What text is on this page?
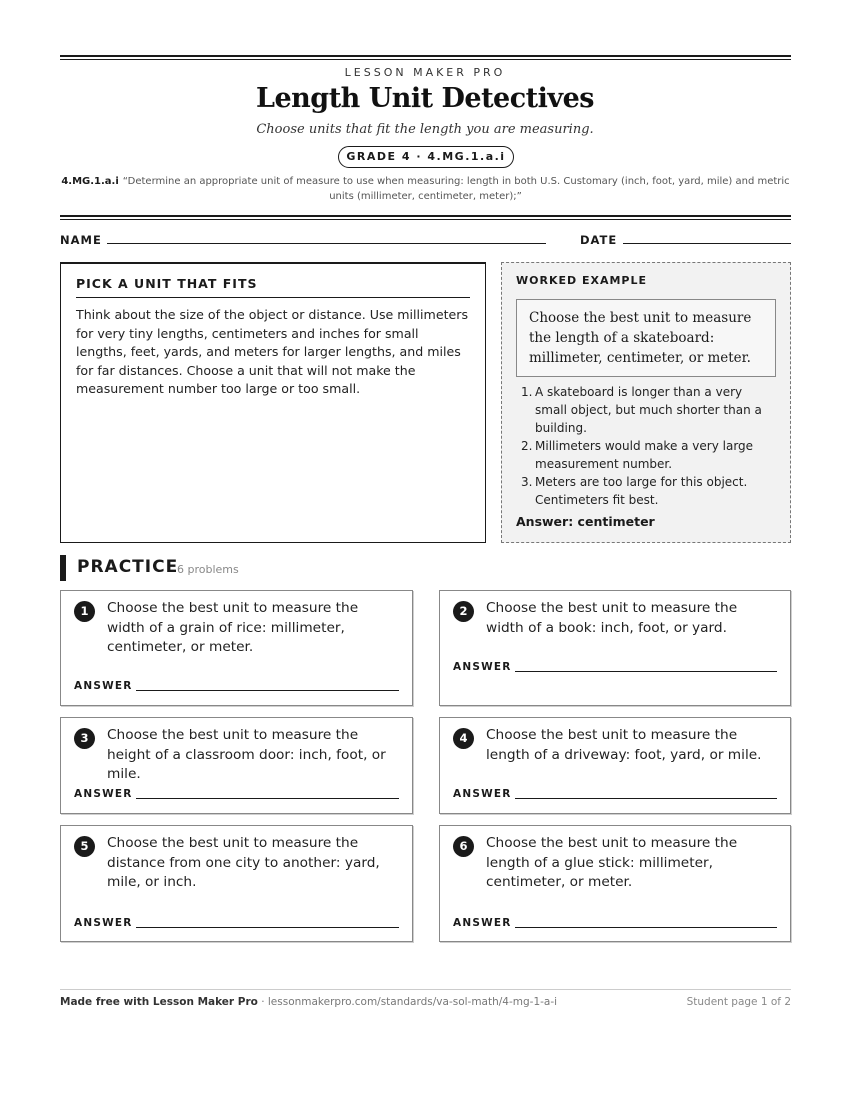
LESSON MAKER PRO
Length Unit Detectives
Choose units that fit the length you are measuring.
GRADE 4 · 4.MG.1.a.i
4.MG.1.a.i “Determine an appropriate unit of measure to use when measuring: length in both U.S. Customary (inch, foot, yard, mile) and metric units (millimeter, centimeter, meter);”
NAME	DATE
PICK A UNIT THAT FITS
Think about the size of the object or distance. Use millimeters for very tiny lengths, centimeters and inches for small lengths, feet, yards, and meters for larger lengths, and miles for far distances. Choose a unit that will not make the measurement number too large or too small.
WORKED EXAMPLE
Choose the best unit to measure the length of a skateboard: millimeter, centimeter, or meter.
1. A skateboard is longer than a very small object, but much shorter than a building.
2. Millimeters would make a very large measurement number.
3. Meters are too large for this object. Centimeters fit best.
Answer: centimeter
PRACTICE
6 problems
1	Choose the best unit to measure the width of a grain of rice: millimeter, centimeter, or meter.
ANSWER
2	Choose the best unit to measure the width of a book: inch, foot, or yard.
ANSWER
3	Choose the best unit to measure the height of a classroom door: inch, foot, or mile.
ANSWER
4	Choose the best unit to measure the length of a driveway: foot, yard, or mile.
ANSWER
5	Choose the best unit to measure the distance from one city to another: yard, mile, or inch.
ANSWER
6	Choose the best unit to measure the length of a glue stick: millimeter, centimeter, or meter.
ANSWER
Made free with Lesson Maker Pro · lessonmakerpro.com/standards/va-sol-math/4-mg-1-a-i	Student page 1 of 2
